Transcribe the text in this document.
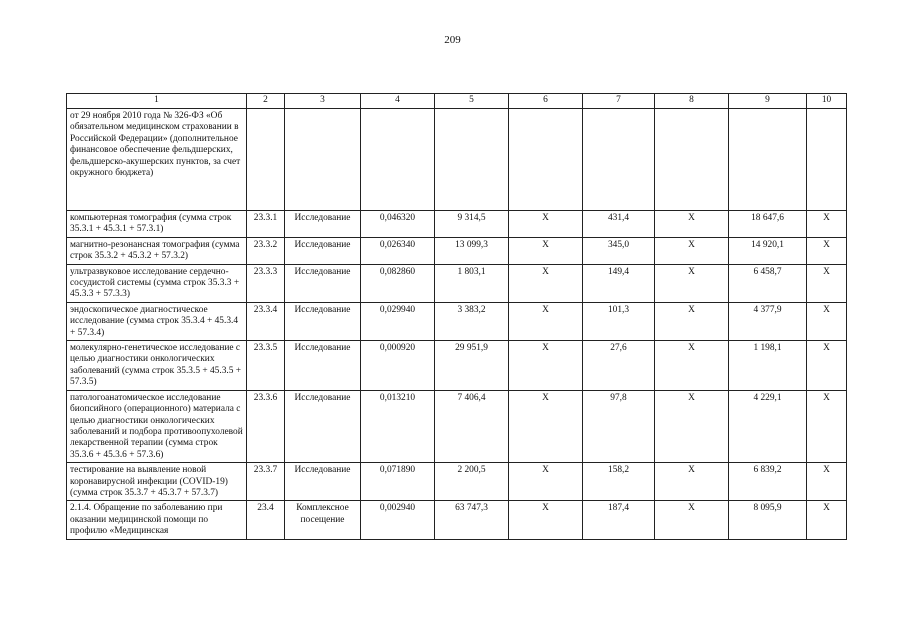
209
1	2	3	4	5	6	7	8	9	10
от 29 ноября 2010 года № 326-ФЗ «Об обязательном медицинском страховании в Российской Федерации» (дополнительное финансовое обеспечение фельдшерских, фельдшерско-акушерских пунктов, за счет окружного бюджета)									
компьютерная томография (сумма строк 35.3.1 + 45.3.1 + 57.3.1)	23.3.1	Исследование	0,046320	9 314,5	X	431,4	X	18 647,6	X
магнитно-резонансная томография (сумма строк 35.3.2 + 45.3.2 + 57.3.2)	23.3.2	Исследование	0,026340	13 099,3	X	345,0	X	14 920,1	X
ультразвуковое исследование сердечно-сосудистой системы (сумма строк 35.3.3 + 45.3.3 + 57.3.3)	23.3.3	Исследование	0,082860	1 803,1	X	149,4	X	6 458,7	X
эндоскопическое диагностическое исследование (сумма строк 35.3.4 + 45.3.4 + 57.3.4)	23.3.4	Исследование	0,029940	3 383,2	X	101,3	X	4 377,9	X
молекулярно-генетическое исследование с целью диагностики онкологических заболеваний (сумма строк 35.3.5 + 45.3.5 + 57.3.5)	23.3.5	Исследование	0,000920	29 951,9	X	27,6	X	1 198,1	X
патологоанатомическое исследование биопсийного (операционного) материала с целью диагностики онкологических заболеваний и подбора противоопухолевой лекарственной терапии (сумма строк 35.3.6 + 45.3.6 + 57.3.6)	23.3.6	Исследование	0,013210	7 406,4	X	97,8	X	4 229,1	X
тестирование на выявление новой коронавирусной инфекции (COVID-19) (сумма строк 35.3.7 + 45.3.7 + 57.3.7)	23.3.7	Исследование	0,071890	2 200,5	X	158,2	X	6 839,2	X
2.1.4. Обращение по заболеванию при оказании медицинской помощи по профилю «Медицинская	23.4	Комплексное посещение	0,002940	63 747,3	X	187,4	X	8 095,9	X
